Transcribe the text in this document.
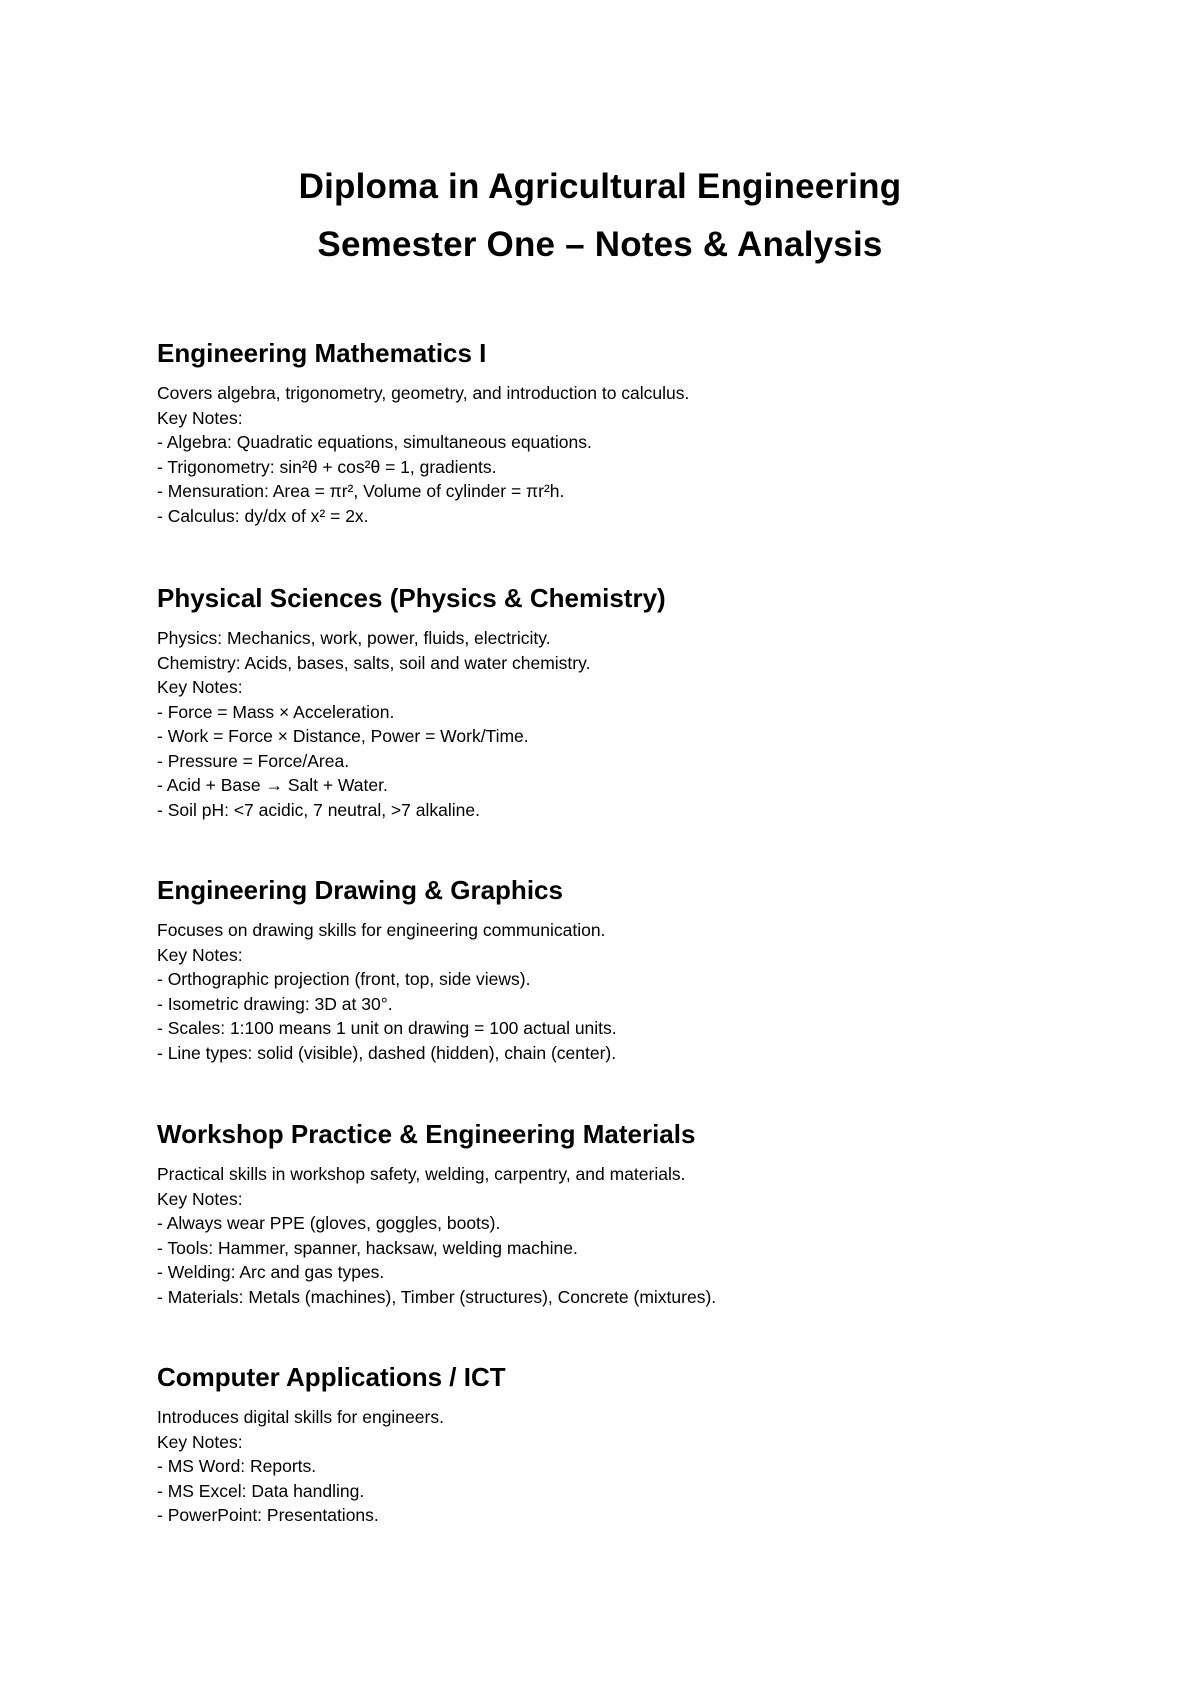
Diploma in Agricultural Engineering
Semester One – Notes & Analysis
Engineering Mathematics I
Covers algebra, trigonometry, geometry, and introduction to calculus.
Key Notes:
- Algebra: Quadratic equations, simultaneous equations.
- Trigonometry: sin²θ + cos²θ = 1, gradients.
- Mensuration: Area = πr², Volume of cylinder = πr²h.
- Calculus: dy/dx of x² = 2x.
Physical Sciences (Physics & Chemistry)
Physics: Mechanics, work, power, fluids, electricity.
Chemistry: Acids, bases, salts, soil and water chemistry.
Key Notes:
- Force = Mass × Acceleration.
- Work = Force × Distance, Power = Work/Time.
- Pressure = Force/Area.
- Acid + Base → Salt + Water.
- Soil pH: <7 acidic, 7 neutral, >7 alkaline.
Engineering Drawing & Graphics
Focuses on drawing skills for engineering communication.
Key Notes:
- Orthographic projection (front, top, side views).
- Isometric drawing: 3D at 30°.
- Scales: 1:100 means 1 unit on drawing = 100 actual units.
- Line types: solid (visible), dashed (hidden), chain (center).
Workshop Practice & Engineering Materials
Practical skills in workshop safety, welding, carpentry, and materials.
Key Notes:
- Always wear PPE (gloves, goggles, boots).
- Tools: Hammer, spanner, hacksaw, welding machine.
- Welding: Arc and gas types.
- Materials: Metals (machines), Timber (structures), Concrete (mixtures).
Computer Applications / ICT
Introduces digital skills for engineers.
Key Notes:
- MS Word: Reports.
- MS Excel: Data handling.
- PowerPoint: Presentations.
